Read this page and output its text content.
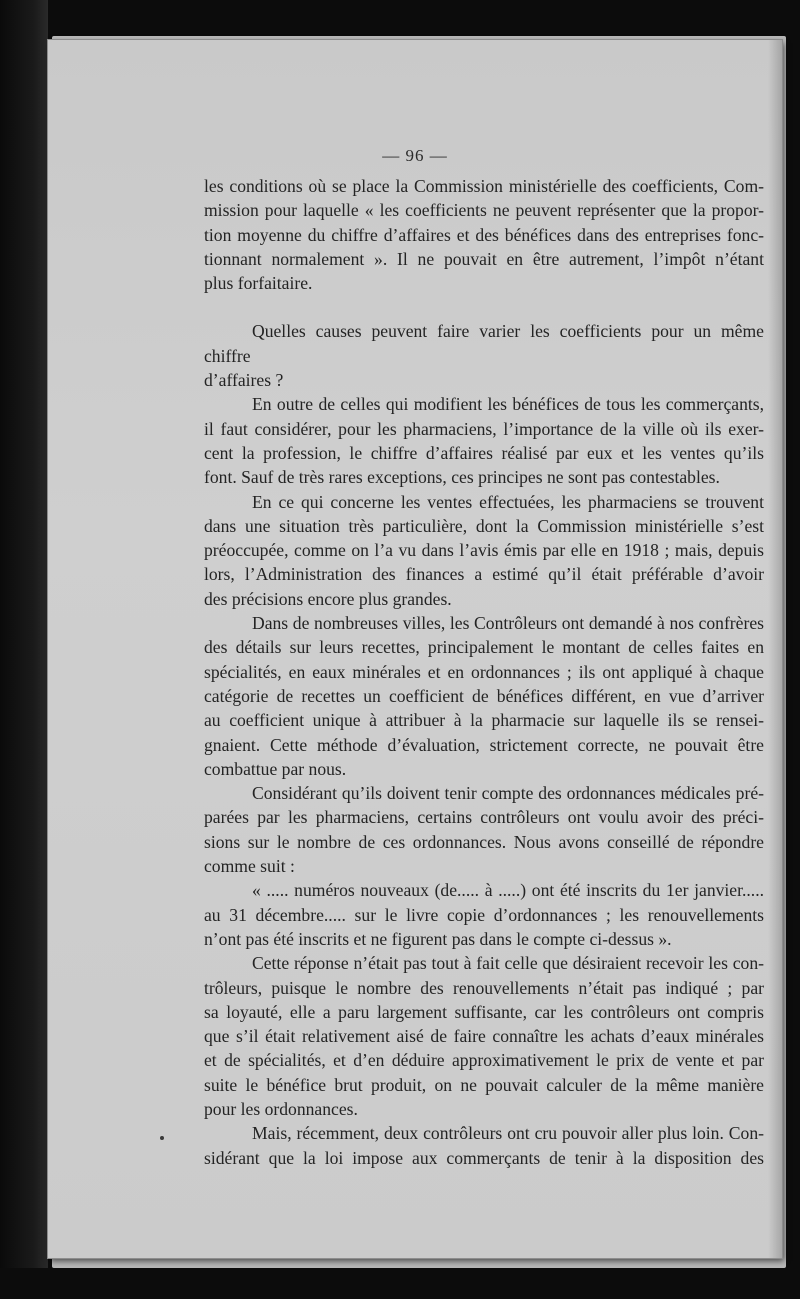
— 96 —

les conditions où se place la Commission ministérielle des coefficients, Com-

mission pour laquelle « les coefficients ne peuvent représenter que la propor-

tion moyenne du chiffre d’affaires et des bénéfices dans des entreprises fonc-

tionnant normalement ». Il ne pouvait en être autrement, l’impôt n’étant

plus forfaitaire.

Quelles causes peuvent faire varier les coefficients pour un même chiffre

d’affaires ?

En outre de celles qui modifient les bénéfices de tous les commerçants,

il faut considérer, pour les pharmaciens, l’importance de la ville où ils exer-

cent la profession, le chiffre d’affaires réalisé par eux et les ventes qu’ils

font. Sauf de très rares exceptions, ces principes ne sont pas contestables.

En ce qui concerne les ventes effectuées, les pharmaciens se trouvent

dans une situation très particulière, dont la Commission ministérielle s’est

préoccupée, comme on l’a vu dans l’avis émis par elle en 1918 ; mais, depuis

lors, l’Administration des finances a estimé qu’il était préférable d’avoir

des précisions encore plus grandes.

Dans de nombreuses villes, les Contrôleurs ont demandé à nos confrères

des détails sur leurs recettes, principalement le montant de celles faites en

spécialités, en eaux minérales et en ordonnances ; ils ont appliqué à chaque

catégorie de recettes un coefficient de bénéfices différent, en vue d’arriver

au coefficient unique à attribuer à la pharmacie sur laquelle ils se rensei-

gnaient. Cette méthode d’évaluation, strictement correcte, ne pouvait être

combattue par nous.

Considérant qu’ils doivent tenir compte des ordonnances médicales pré-

parées par les pharmaciens, certains contrôleurs ont voulu avoir des préci-

sions sur le nombre de ces ordonnances. Nous avons conseillé de répondre

comme suit :

« ..... numéros nouveaux (de..... à .....) ont été inscrits du 1er janvier.....

au 31 décembre..... sur le livre copie d’ordonnances ; les renouvellements

n’ont pas été inscrits et ne figurent pas dans le compte ci-dessus ».

Cette réponse n’était pas tout à fait celle que désiraient recevoir les con-

trôleurs, puisque le nombre des renouvellements n’était pas indiqué ; par

sa loyauté, elle a paru largement suffisante, car les contrôleurs ont compris

que s’il était relativement aisé de faire connaître les achats d’eaux minérales

et de spécialités, et d’en déduire approximativement le prix de vente et par

suite le bénéfice brut produit, on ne pouvait calculer de la même manière

pour les ordonnances.

Mais, récemment, deux contrôleurs ont cru pouvoir aller plus loin. Con-

sidérant que la loi impose aux commerçants de tenir à la disposition des
